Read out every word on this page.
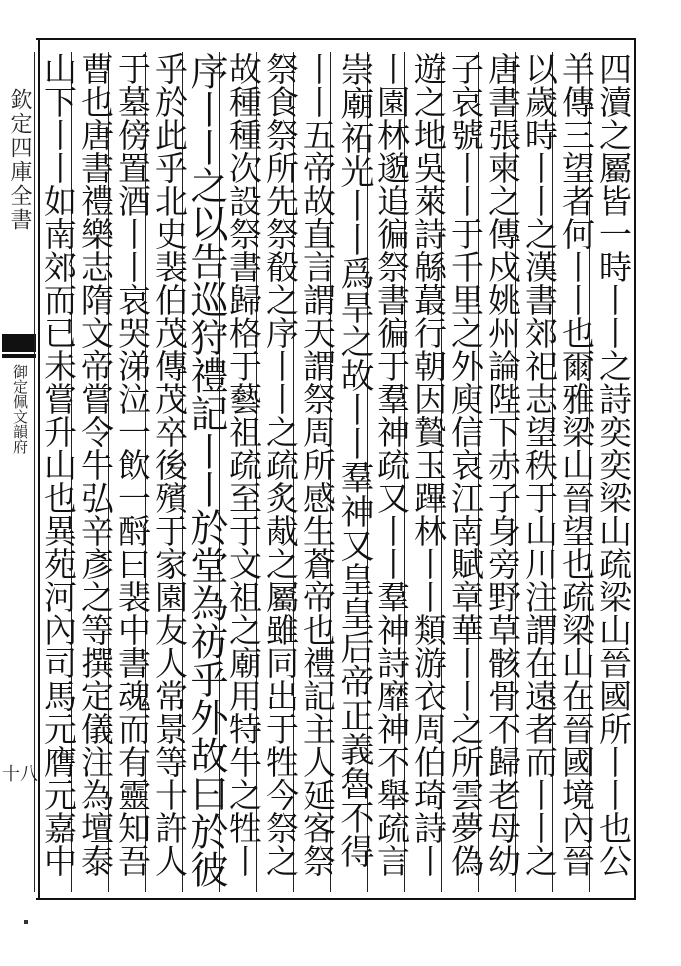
欽定四庫全書
御定佩文韻府
十八	四瀆之屬皆一時丨丨之詩奕奕梁山疏梁山晉國所丨丨也公
羊傳三望者何丨丨也爾雅梁山晉望也疏梁山在晉國境內晉
以歲時丨丨之漢書郊祀志望秩于山川注謂在遠者而丨丨之
唐書張柬之傳戍姚州論陛下赤子身旁野草骸骨不歸老母幼
子哀號丨丨于千里之外庾信哀江南賦章華丨丨之所雲夢偽
遊之地吳萊詩緜蕞行朝因贄玉蹕林丨丨類游衣周伯琦詩丨
丨園林邈追徧祭書徧于羣神疏又丨丨羣神詩靡神不舉疏言
崇廟祏光丨丨爲旱之故丨丨羣神又皇皇后帝正義魯不得
丨丨五帝故直言謂天謂祭周所感生蒼帝也禮記主人延客祭
祭食祭所先祭殽之序丨丨之疏炙胾之屬雖同出于牲今祭之
故種種次設祭書歸格于藝祖疏至于文祖之廟用特牛之牲丨
序丨丨之以告巡狩禮記丨丨於堂為祊乎外故曰於彼
乎於此乎北史裴伯茂傳茂卒後殯于家園友人常景等十許人
于墓傍置酒丨丨哀哭涕泣一飲一酹曰裴中書魂而有靈知吾
曹也唐書禮樂志隋文帝嘗令牛弘辛彥之等撰定儀注為壇泰
山下丨丨如南郊而已未嘗升山也異苑河內司馬元膺元嘉中
